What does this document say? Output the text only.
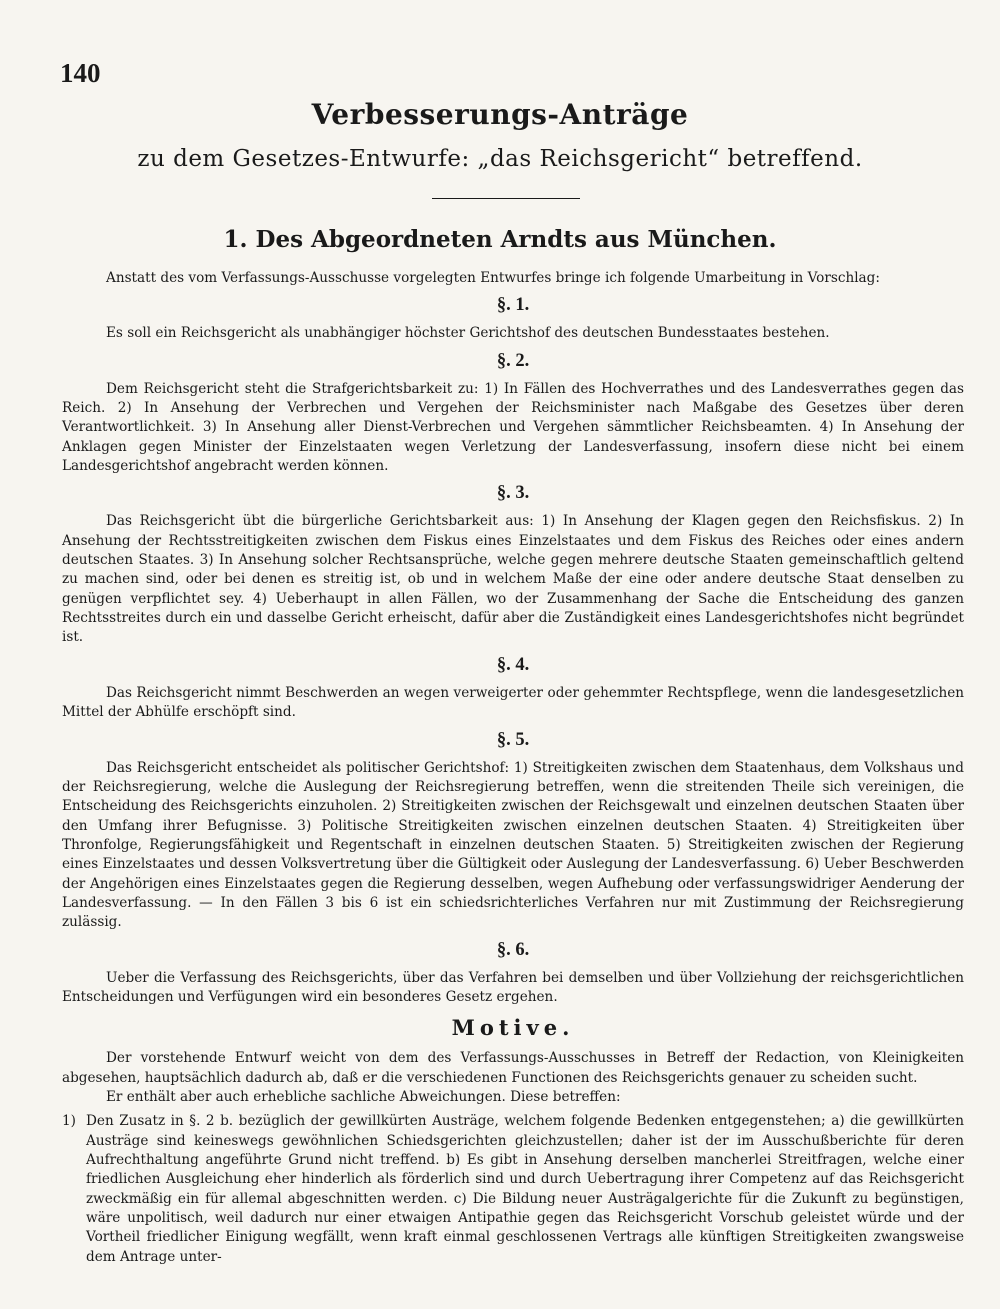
140
Verbesserungs-Anträge
zu dem Gesetzes-Entwurfe: „das Reichsgericht“ betreffend.
1. Des Abgeordneten Arndts aus München.

Anstatt des vom Verfassungs-Ausschusse vorgelegten Entwurfes bringe ich folgende Umarbeitung in Vorschlag:

§. 1.

Es soll ein Reichsgericht als unabhängiger höchster Gerichtshof des deutschen Bundesstaates bestehen.

§. 2.

Dem Reichsgericht steht die Strafgerichtsbarkeit zu: 1) In Fällen des Hochverrathes und des Landesverrathes gegen das Reich. 2) In Ansehung der Verbrechen und Vergehen der Reichsminister nach Maßgabe des Gesetzes über deren Verantwortlichkeit. 3) In Ansehung aller Dienst-Verbrechen und Vergehen sämmtlicher Reichsbeamten. 4) In Ansehung der Anklagen gegen Minister der Einzelstaaten wegen Verletzung der Landesverfassung, insofern diese nicht bei einem Landesgerichtshof angebracht werden können.

§. 3.

Das Reichsgericht übt die bürgerliche Gerichtsbarkeit aus: 1) In Ansehung der Klagen gegen den Reichsfiskus. 2) In Ansehung der Rechtsstreitigkeiten zwischen dem Fiskus eines Einzelstaates und dem Fiskus des Reiches oder eines andern deutschen Staates. 3) In Ansehung solcher Rechtsansprüche, welche gegen mehrere deutsche Staaten gemeinschaftlich geltend zu machen sind, oder bei denen es streitig ist, ob und in welchem Maße der eine oder andere deutsche Staat denselben zu genügen verpflichtet sey. 4) Ueberhaupt in allen Fällen, wo der Zusammenhang der Sache die Entscheidung des ganzen Rechtsstreites durch ein und dasselbe Gericht erheischt, dafür aber die Zuständigkeit eines Landesgerichtshofes nicht begründet ist.

§. 4.

Das Reichsgericht nimmt Beschwerden an wegen verweigerter oder gehemmter Rechtspflege, wenn die landesgesetzlichen Mittel der Abhülfe erschöpft sind.

§. 5.

Das Reichsgericht entscheidet als politischer Gerichtshof: 1) Streitigkeiten zwischen dem Staatenhaus, dem Volkshaus und der Reichsregierung, welche die Auslegung der Reichsregierung betreffen, wenn die streitenden Theile sich vereinigen, die Entscheidung des Reichsgerichts einzuholen. 2) Streitigkeiten zwischen der Reichsgewalt und einzelnen deutschen Staaten über den Umfang ihrer Befugnisse. 3) Politische Streitigkeiten zwischen einzelnen deutschen Staaten. 4) Streitigkeiten über Thronfolge, Regierungsfähigkeit und Regentschaft in einzelnen deutschen Staaten. 5) Streitigkeiten zwischen der Regierung eines Einzelstaates und dessen Volksvertretung über die Gültigkeit oder Auslegung der Landesverfassung. 6) Ueber Beschwerden der Angehörigen eines Einzelstaates gegen die Regierung desselben, wegen Aufhebung oder verfassungswidriger Aenderung der Landesverfassung. — In den Fällen 3 bis 6 ist ein schiedsrichterliches Verfahren nur mit Zustimmung der Reichsregierung zulässig.

§. 6.

Ueber die Verfassung des Reichsgerichts, über das Verfahren bei demselben und über Vollziehung der reichsgerichtlichen Entscheidungen und Verfügungen wird ein besonderes Gesetz ergehen.

Motive.

Der vorstehende Entwurf weicht von dem des Verfassungs-Ausschusses in Betreff der Redaction, von Kleinigkeiten abgesehen, hauptsächlich dadurch ab, daß er die verschiedenen Functionen des Reichsgerichts genauer zu scheiden sucht.

Er enthält aber auch erhebliche sachliche Abweichungen. Diese betreffen:

1) Den Zusatz in §. 2 b. bezüglich der gewillkürten Austräge, welchem folgende Bedenken entgegenstehen; a) die gewillkürten Austräge sind keineswegs gewöhnlichen Schiedsgerichten gleichzustellen; daher ist der im Ausschußberichte für deren Aufrechthaltung angeführte Grund nicht treffend. b) Es gibt in Ansehung derselben mancherlei Streitfragen, welche einer friedlichen Ausgleichung eher hinderlich als förderlich sind und durch Uebertragung ihrer Competenz auf das Reichsgericht zweckmäßig ein für allemal abgeschnitten werden. c) Die Bildung neuer Austrägalgerichte für die Zukunft zu begünstigen, wäre unpolitisch, weil dadurch nur einer etwaigen Antipathie gegen das Reichsgericht Vorschub geleistet würde und der Vortheil friedlicher Einigung wegfällt, wenn kraft einmal geschlossenen Vertrags alle künftigen Streitigkeiten zwangsweise dem Antrage unter-
